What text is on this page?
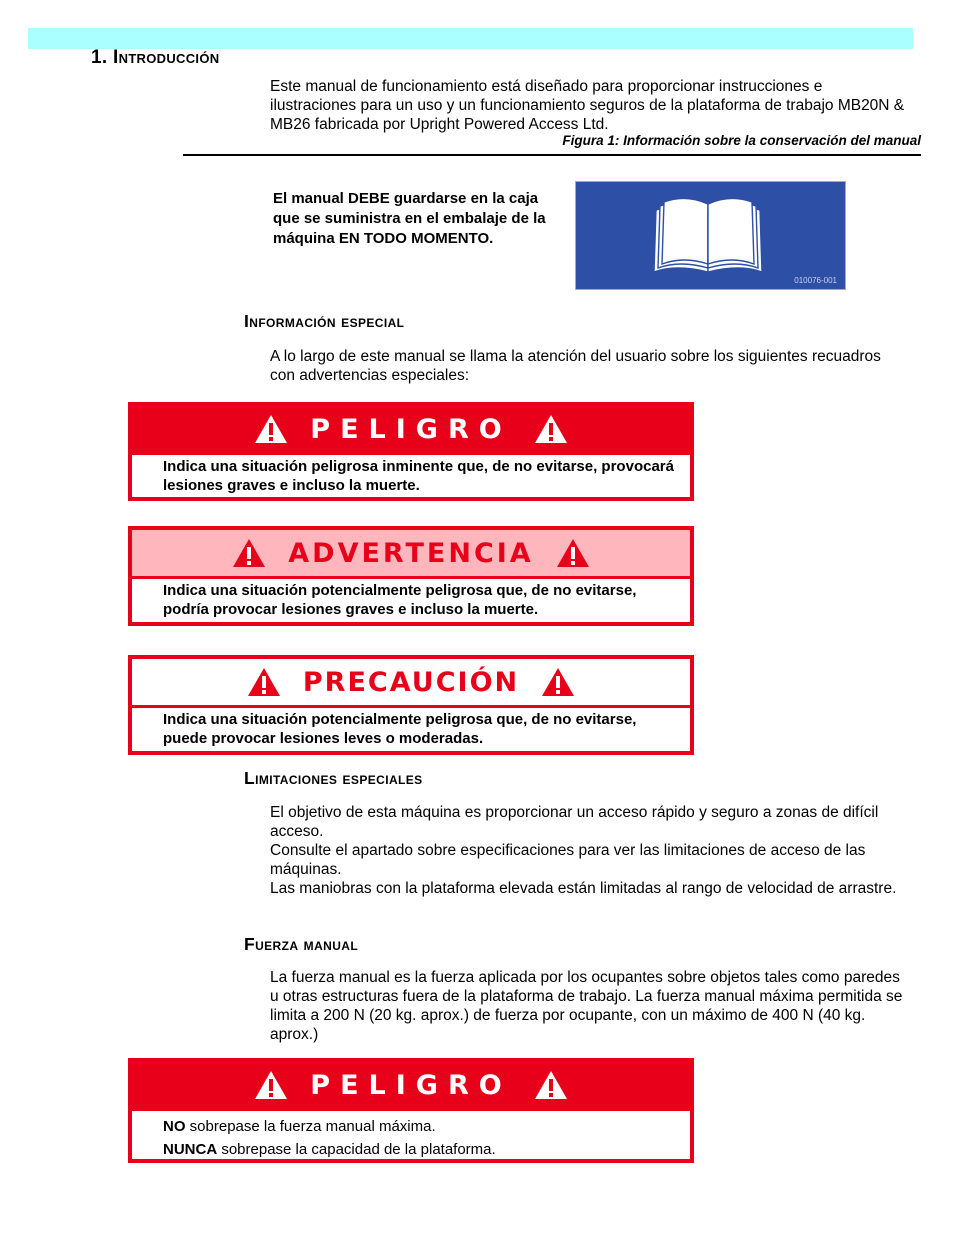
1. Introducción
Este manual de funcionamiento está diseñado para proporcionar instrucciones e ilustraciones para un uso y un funcionamiento seguros de la plataforma de trabajo MB20N & MB26 fabricada por Upright Powered Access Ltd.
Figura 1: Información sobre la conservación del manual
El manual DEBE guardarse en la caja que se suministra en el embalaje de la máquina EN TODO MOMENTO.
010076-001
Información especial
A lo largo de este manual se llama la atención del usuario sobre los siguientes recuadros con advertencias especiales:
PELIGRO
Indica una situación peligrosa inminente que, de no evitarse, provocará lesiones graves e incluso la muerte.
ADVERTENCIA
Indica una situación potencialmente peligrosa que, de no evitarse, podría provocar lesiones graves e incluso la muerte.
PRECAUCIÓN
Indica una situación potencialmente peligrosa que, de no evitarse, puede provocar lesiones leves o moderadas.
Limitaciones especiales
El objetivo de esta máquina es proporcionar un acceso rápido y seguro a zonas de difícil acceso.
Consulte el apartado sobre especificaciones para ver las limitaciones de acceso de las máquinas.
Las maniobras con la plataforma elevada están limitadas al rango de velocidad de arrastre.
Fuerza manual
La fuerza manual es la fuerza aplicada por los ocupantes sobre objetos tales como paredes u otras estructuras fuera de la plataforma de trabajo. La fuerza manual máxima permitida se limita a 200 N (20 kg. aprox.) de fuerza por ocupante, con un máximo de 400 N (40 kg. aprox.)
PELIGRO
NO sobrepase la fuerza manual máxima.
NUNCA sobrepase la capacidad de la plataforma.
